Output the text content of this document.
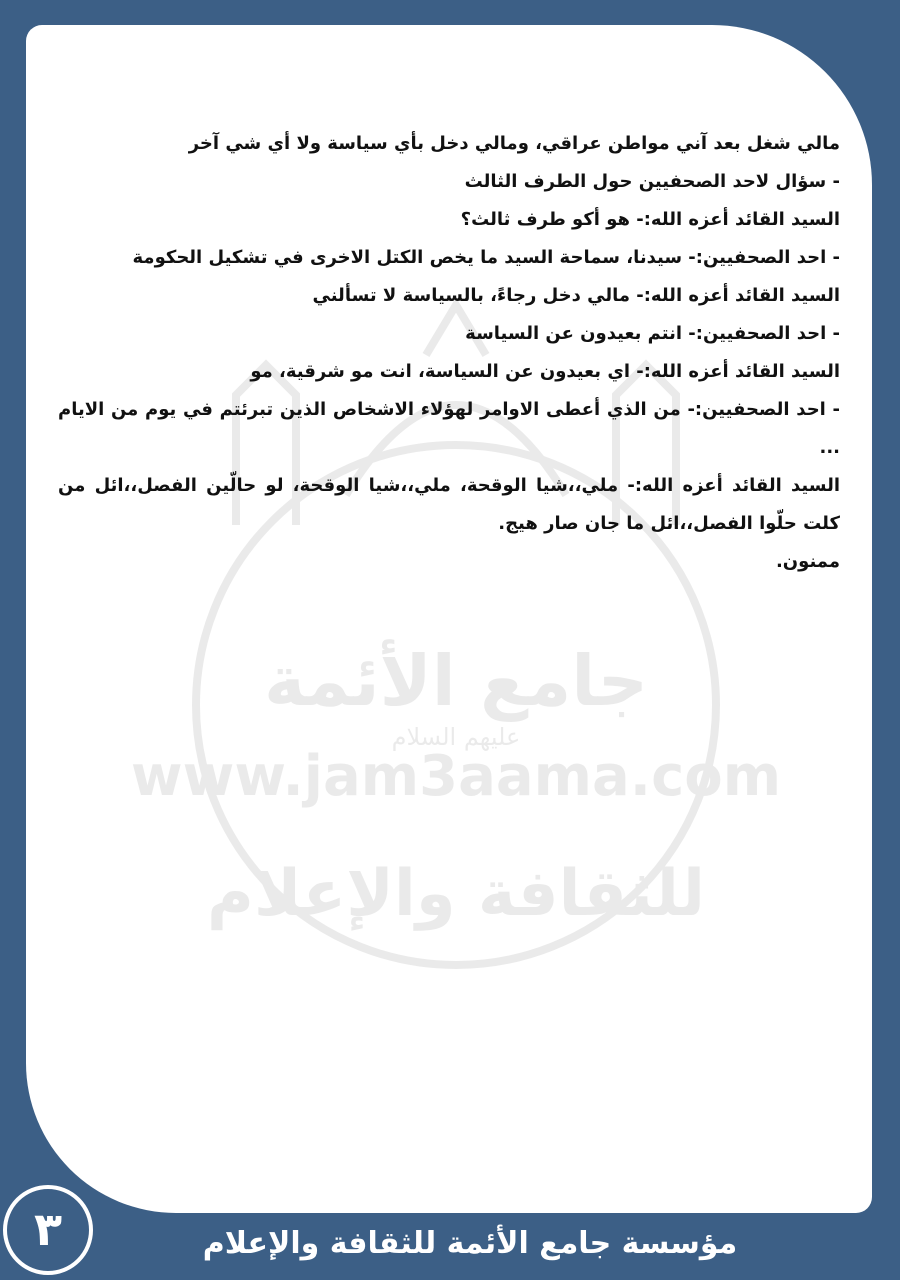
www.jam3aama.com
جامع الأئمة
عليهم السلام
للثقافة والإعلام

مالي شغل بعد آني مواطن عراقي، ومالي دخل بأي سياسة ولا أي شي آخر

- سؤال لاحد الصحفيين حول الطرف الثالث

السيد القائد أعزه الله:- هو أكو طرف ثالث؟

- احد الصحفيين:- سيدنا، سماحة السيد ما يخص الكتل الاخرى في تشكيل الحكومة

السيد القائد أعزه الله:- مالي دخل رجاءً، بالسياسة لا تسألني

- احد الصحفيين:- انتم بعيدون عن السياسة

السيد القائد أعزه الله:- اي بعيدون عن السياسة، انت مو شرقية، مو

- احد الصحفيين:- من الذي أعطى الاوامر لهؤلاء الاشخاص الذين تبرئتم في يوم من الايام ...

السيد القائد أعزه الله:- ملي،،شيا الوقحة، ملي،،شيا الوقحة، لو حالّين الفصل،،ائل من كلت حلّوا الفصل،،ائل ما جان صار هيج.

ممنون.

مؤسسة جامع الأئمة للثقافة والإعلام
٣
